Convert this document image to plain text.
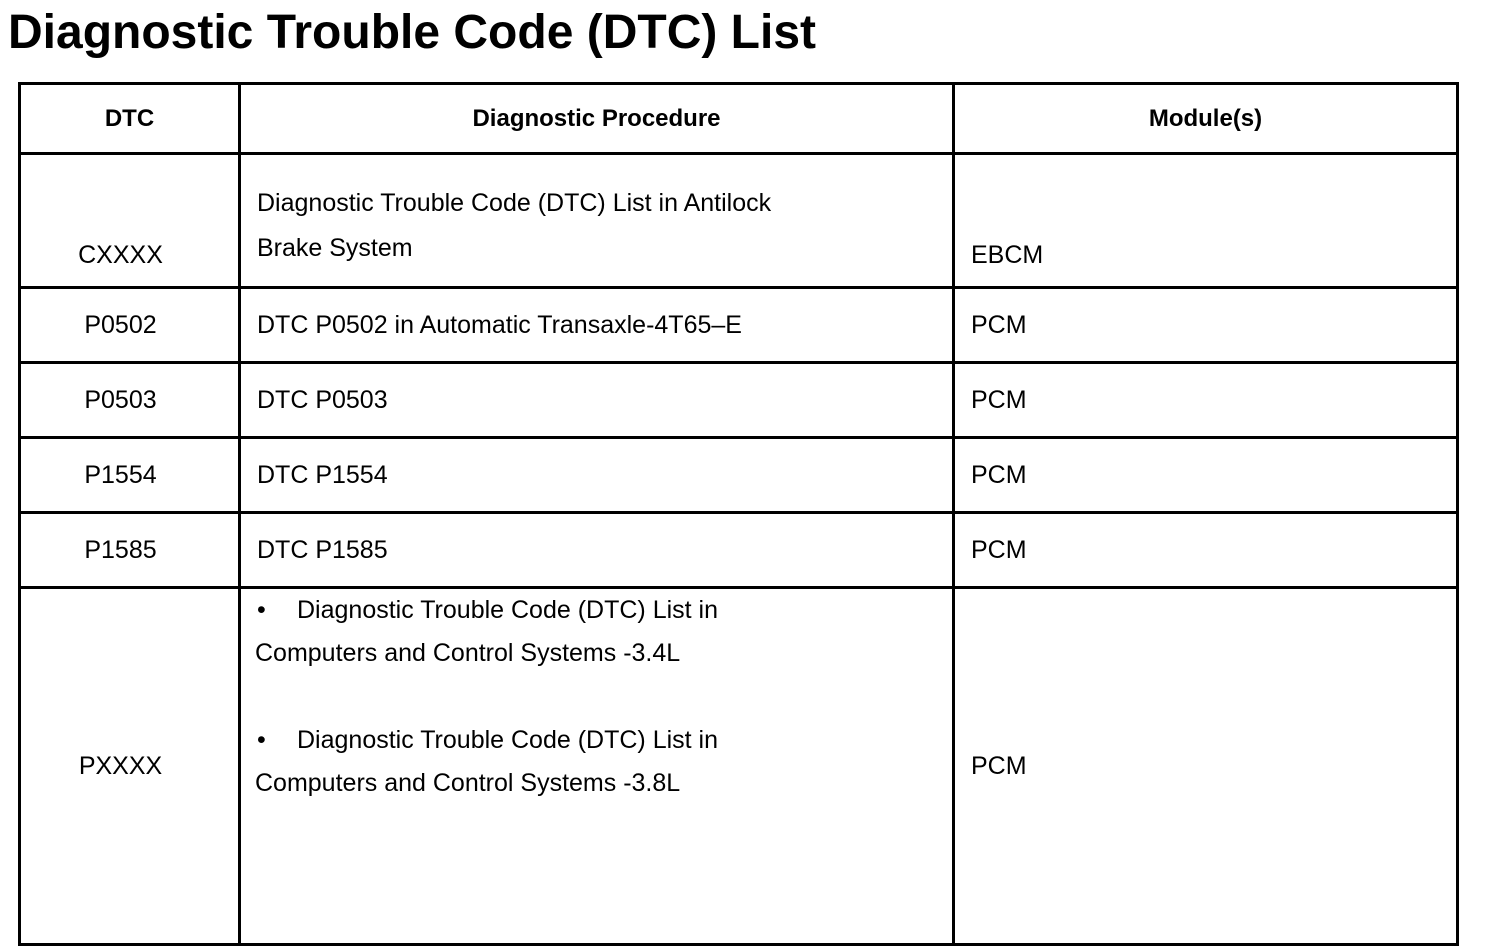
Diagnostic Trouble Code (DTC) List
DTC	Diagnostic Procedure	Module(s)
CXXXX	Diagnostic Trouble Code (DTC) List in Antilock
Brake System	EBCM
P0502	DTC P0502 in Automatic Transaxle-4T65–E	PCM
P0503	DTC P0503	PCM
P1554	DTC P1554	PCM
P1585	DTC P1585	PCM
PXXXX	• Diagnostic Trouble Code (DTC) List in
Computers and Control Systems -3.4L
• Diagnostic Trouble Code (DTC) List in
Computers and Control Systems -3.8L	PCM
